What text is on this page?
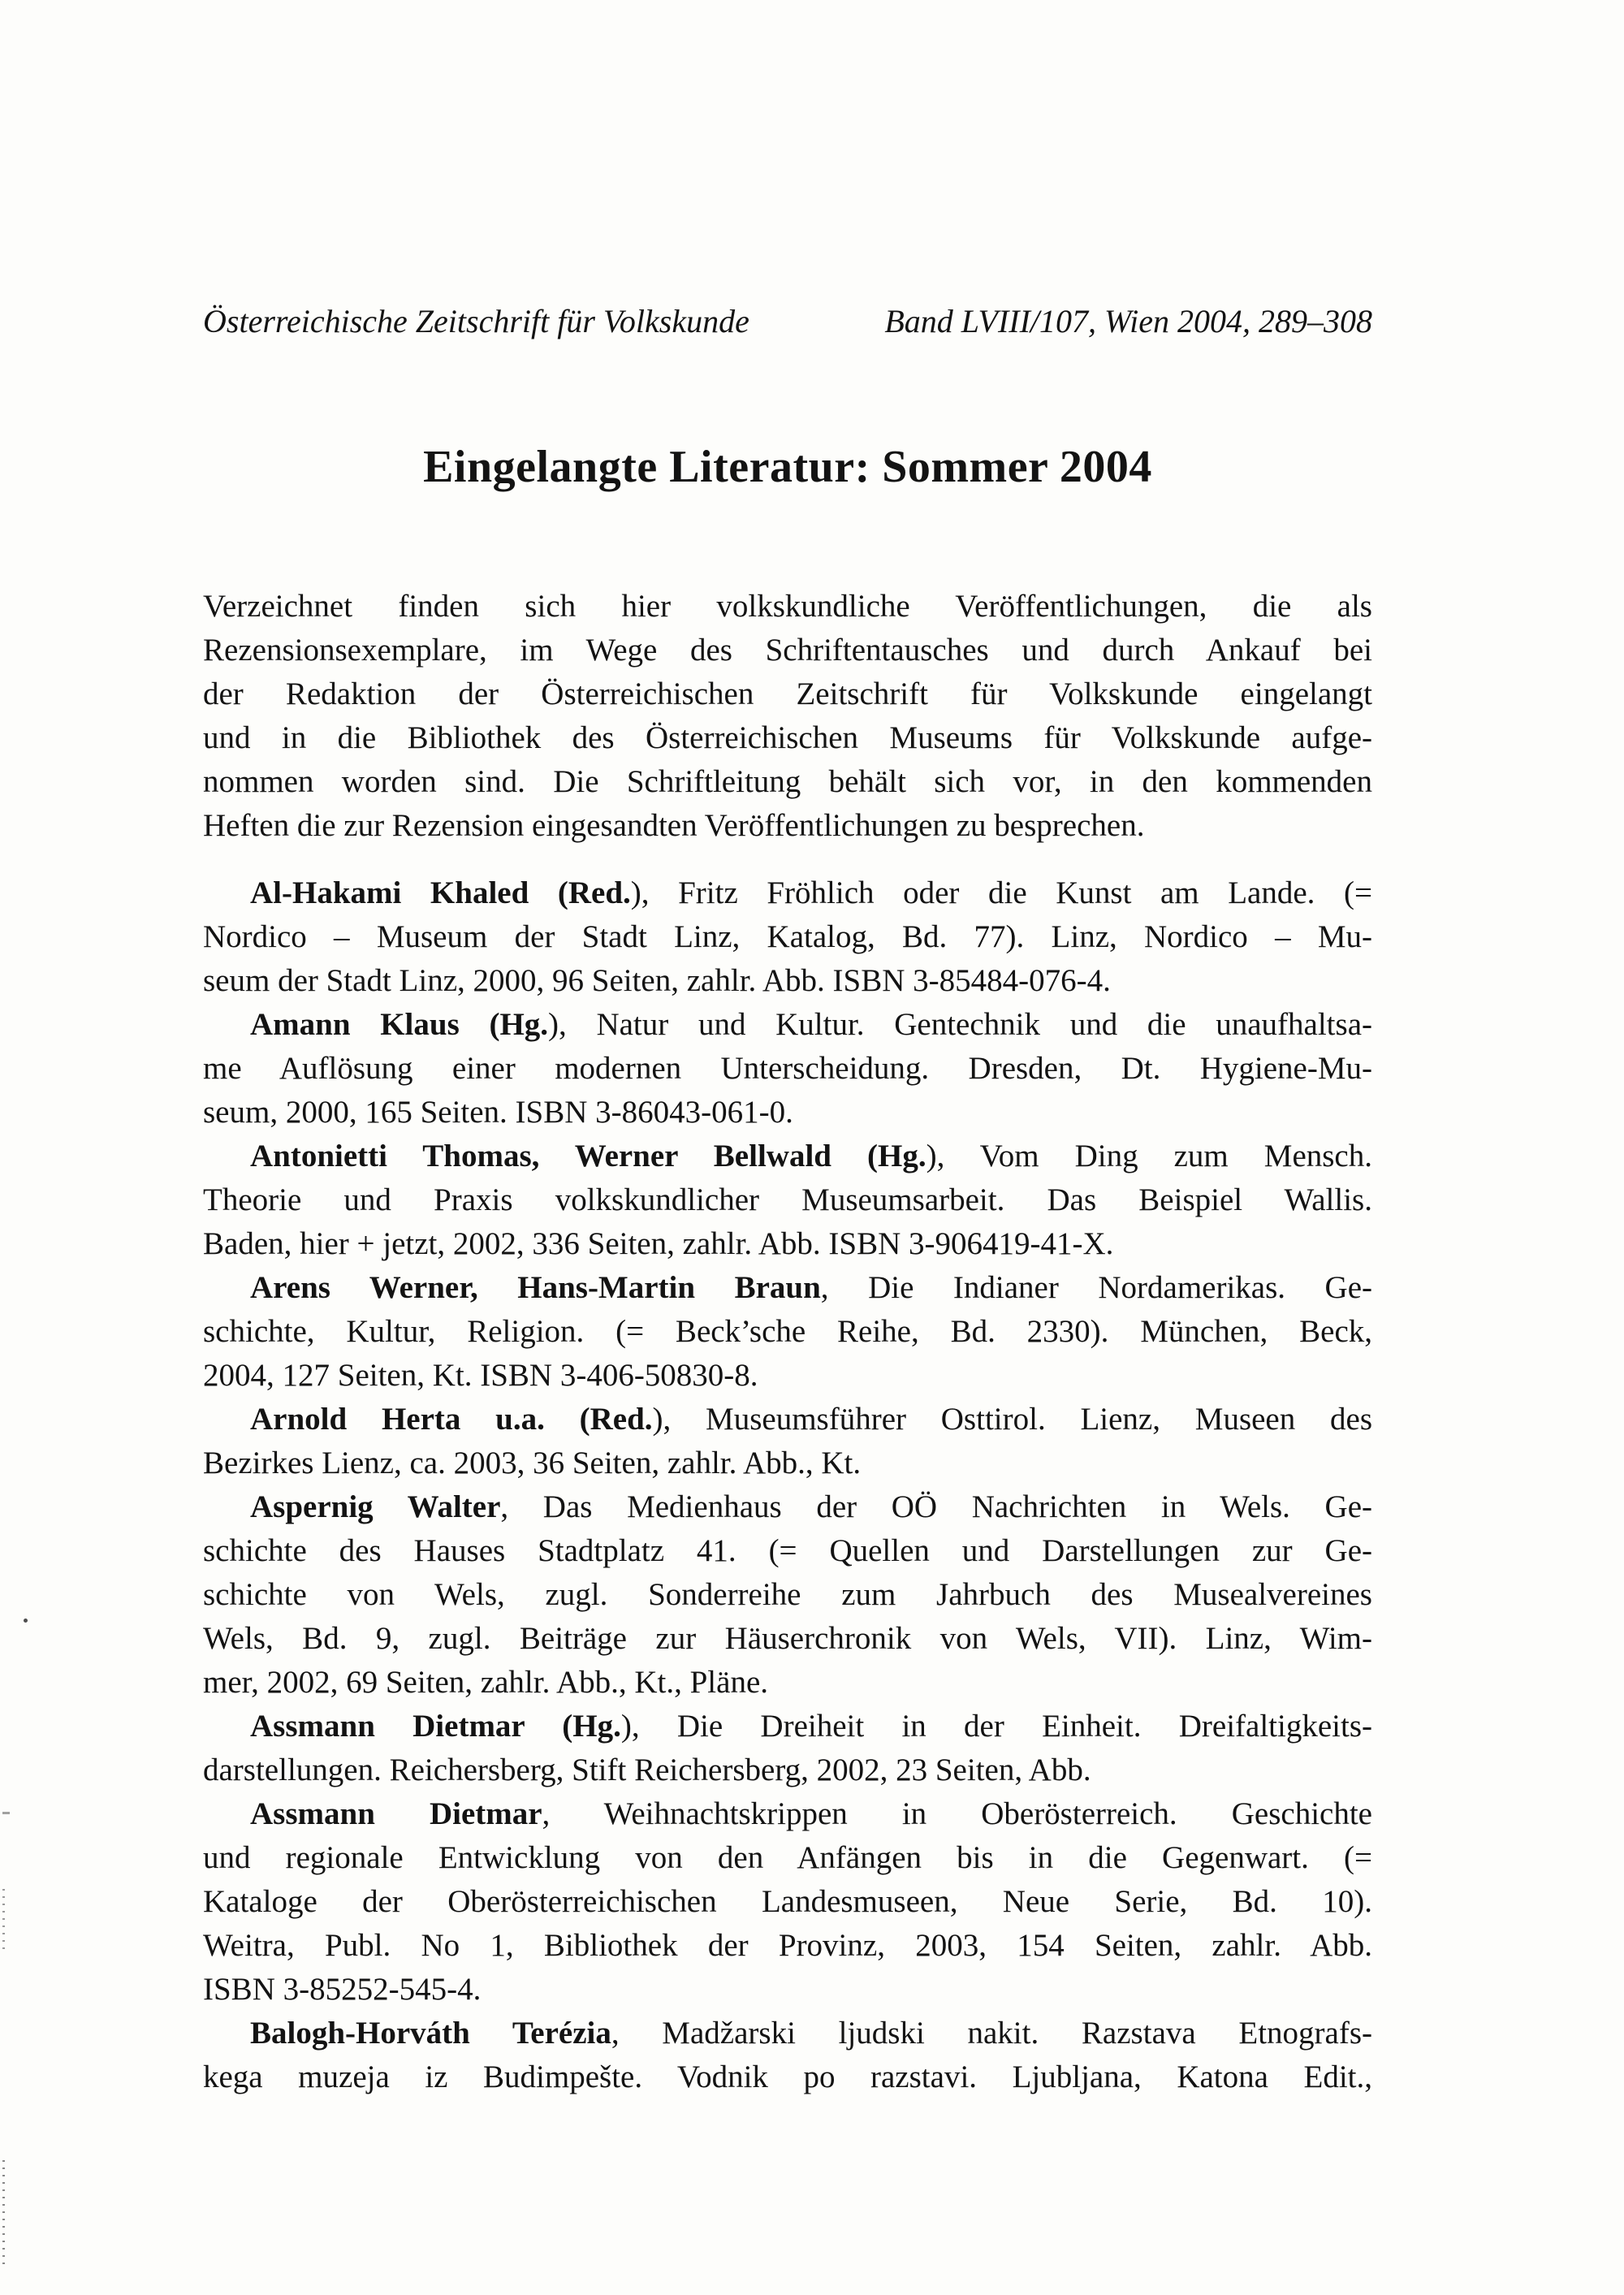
Österreichische Zeitschrift für Volkskunde	Band LVIII/107, Wien 2004, 289–308
Eingelangte Literatur: Sommer 2004
Verzeichnet finden sich hier volkskundliche Veröffentlichungen, die als
Rezensionsexemplare, im Wege des Schriftentausches und durch Ankauf bei
der Redaktion der Österreichischen Zeitschrift für Volkskunde eingelangt
und in die Bibliothek des Österreichischen Museums für Volkskunde aufge-
nommen worden sind. Die Schriftleitung behält sich vor, in den kommenden
Heften die zur Rezension eingesandten Veröffentlichungen zu besprechen.
Al-Hakami Khaled (Red.), Fritz Fröhlich oder die Kunst am Lande. (=
Nordico – Museum der Stadt Linz, Katalog, Bd. 77). Linz, Nordico – Mu-
seum der Stadt Linz, 2000, 96 Seiten, zahlr. Abb. ISBN 3-85484-076-4.
Amann Klaus (Hg.), Natur und Kultur. Gentechnik und die unaufhaltsa-
me Auflösung einer modernen Unterscheidung. Dresden, Dt. Hygiene-Mu-
seum, 2000, 165 Seiten. ISBN 3-86043-061-0.
Antonietti Thomas, Werner Bellwald (Hg.), Vom Ding zum Mensch.
Theorie und Praxis volkskundlicher Museumsarbeit. Das Beispiel Wallis.
Baden, hier + jetzt, 2002, 336 Seiten, zahlr. Abb. ISBN 3-906419-41-X.
Arens Werner, Hans-Martin Braun, Die Indianer Nordamerikas. Ge-
schichte, Kultur, Religion. (= Beck’sche Reihe, Bd. 2330). München, Beck,
2004, 127 Seiten, Kt. ISBN 3-406-50830-8.
Arnold Herta u.a. (Red.), Museumsführer Osttirol. Lienz, Museen des
Bezirkes Lienz, ca. 2003, 36 Seiten, zahlr. Abb., Kt.
Aspernig Walter, Das Medienhaus der OÖ Nachrichten in Wels. Ge-
schichte des Hauses Stadtplatz 41. (= Quellen und Darstellungen zur Ge-
schichte von Wels, zugl. Sonderreihe zum Jahrbuch des Musealvereines
Wels, Bd. 9, zugl. Beiträge zur Häuserchronik von Wels, VII). Linz, Wim-
mer, 2002, 69 Seiten, zahlr. Abb., Kt., Pläne.
Assmann Dietmar (Hg.), Die Dreiheit in der Einheit. Dreifaltigkeits-
darstellungen. Reichersberg, Stift Reichersberg, 2002, 23 Seiten, Abb.
Assmann Dietmar, Weihnachtskrippen in Oberösterreich. Geschichte
und regionale Entwicklung von den Anfängen bis in die Gegenwart. (=
Kataloge der Oberösterreichischen Landesmuseen, Neue Serie, Bd. 10).
Weitra, Publ. No 1, Bibliothek der Provinz, 2003, 154 Seiten, zahlr. Abb.
ISBN 3-85252-545-4.
Balogh-Horváth Terézia, Madžarski ljudski nakit. Razstava Etnografs-
kega muzeja iz Budimpešte. Vodnik po razstavi. Ljubljana, Katona Edit.,
